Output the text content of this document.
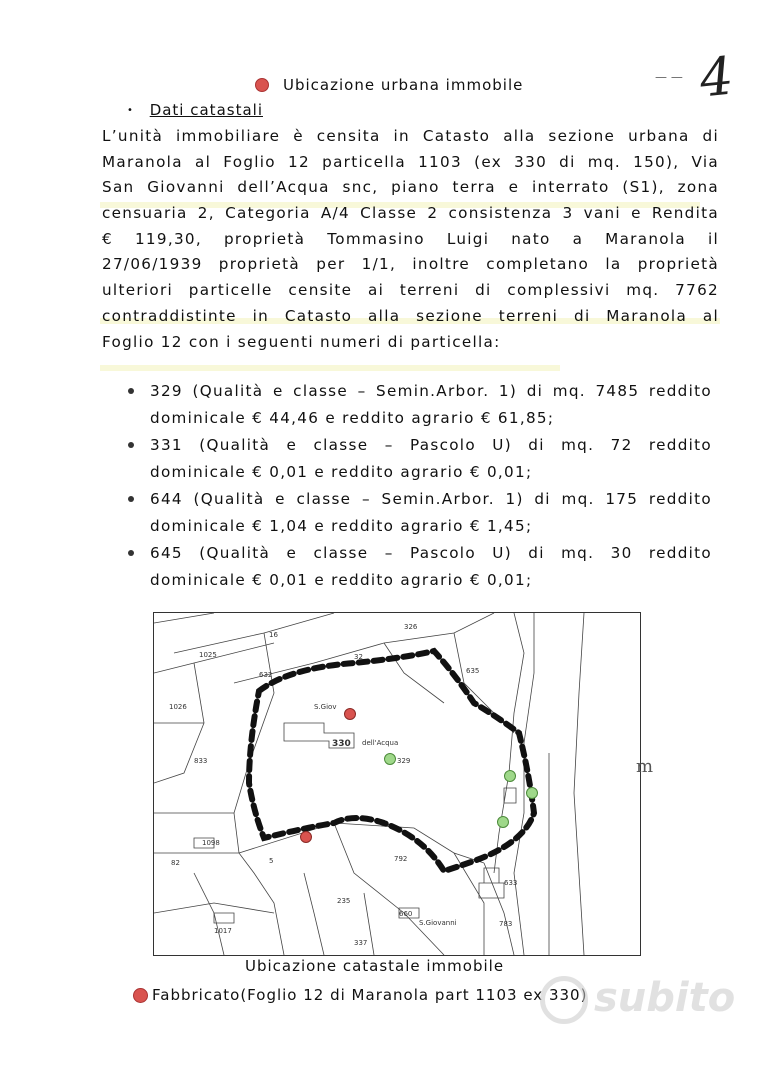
— — 4
Ubicazione urbana immobile
• Dati catastali
L’unità immobiliare è censita in Catasto alla sezione urbana di
Maranola al Foglio 12 particella 1103 (ex 330 di mq. 150), Via
San Giovanni dell’Acqua snc, piano terra e interrato (S1), zona
censuaria 2, Categoria A/4 Classe 2 consistenza 3 vani e Rendita
€ 119,30, proprietà Tommasino Luigi nato a Maranola il
27/06/1939 proprietà per 1/1, inoltre completano la proprietà
ulteriori particelle censite ai terreni di complessivi mq. 7762
contraddistinte in Catasto alla sezione terreni di Maranola al
Foglio 12 con i seguenti numeri di particella:
329 (Qualità e classe – Semin.Arbor. 1) di mq. 7485 reddito
dominicale € 44,46 e reddito agrario € 61,85;
331 (Qualità e classe – Pascolo U) di mq. 72 reddito
dominicale € 0,01 e reddito agrario € 0,01;
644 (Qualità e classe – Semin.Arbor. 1) di mq. 175 reddito
dominicale € 1,04 e reddito agrario € 1,45;
645 (Qualità e classe – Pascolo U) di mq. 30 reddito
dominicale € 0,01 e reddito agrario € 0,01;
16
326
1025
632
32
635
1026	S.Giov
330 dell'Acqua
329
833
1098
82	792
633
235
660
S.Giovanni	783
337
1017
5
Ubicazione catastale immobile
Fabbricato(Foglio 12 di Maranola part 1103 ex 330)
m
subito
